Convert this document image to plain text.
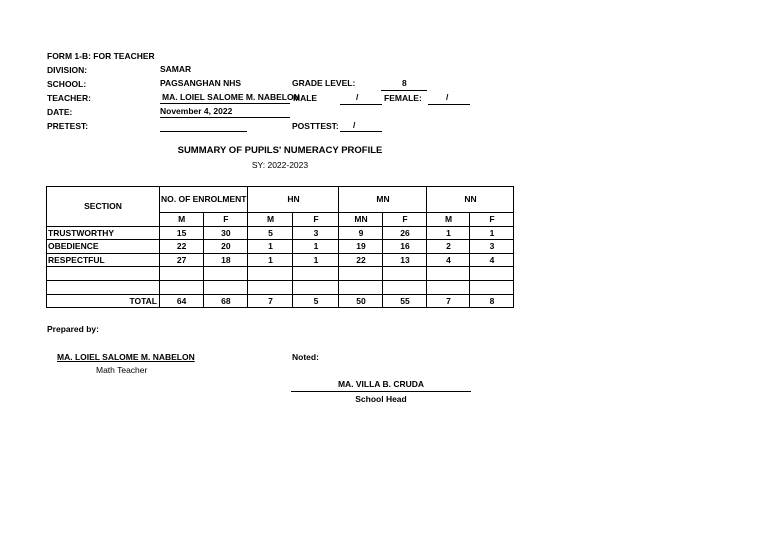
FORM 1-B: FOR TEACHER
DIVISION:	SAMAR
SCHOOL:	PAGSANGHAN NHS	GRADE LEVEL:	8
TEACHER:	MA. LOIEL SALOME M. NABELON
MALE	/	FEMALE:	/
DATE:	November 4, 2022
PRETEST:	POSTTEST: /
SUMMARY OF PUPILS' NUMERACY PROFILE
SY: 2022-2023
SECTION	NO. OF ENROLMENT		HN		MN		NN	
	M	F	M	F	MN	F	M	F
TRUSTWORTHY	15	30	5	3	9	26	1	1
OBEDIENCE	22	20	1	1	19	16	2	3
RESPECTFUL	27	18	1	1	22	13	4	4

TOTAL	64	68	7	5	50	55	7	8
Prepared by:
MA. LOIEL SALOME M. NABELON
Math Teacher
Noted:
MA. VILLA B. CRUDA
School Head
